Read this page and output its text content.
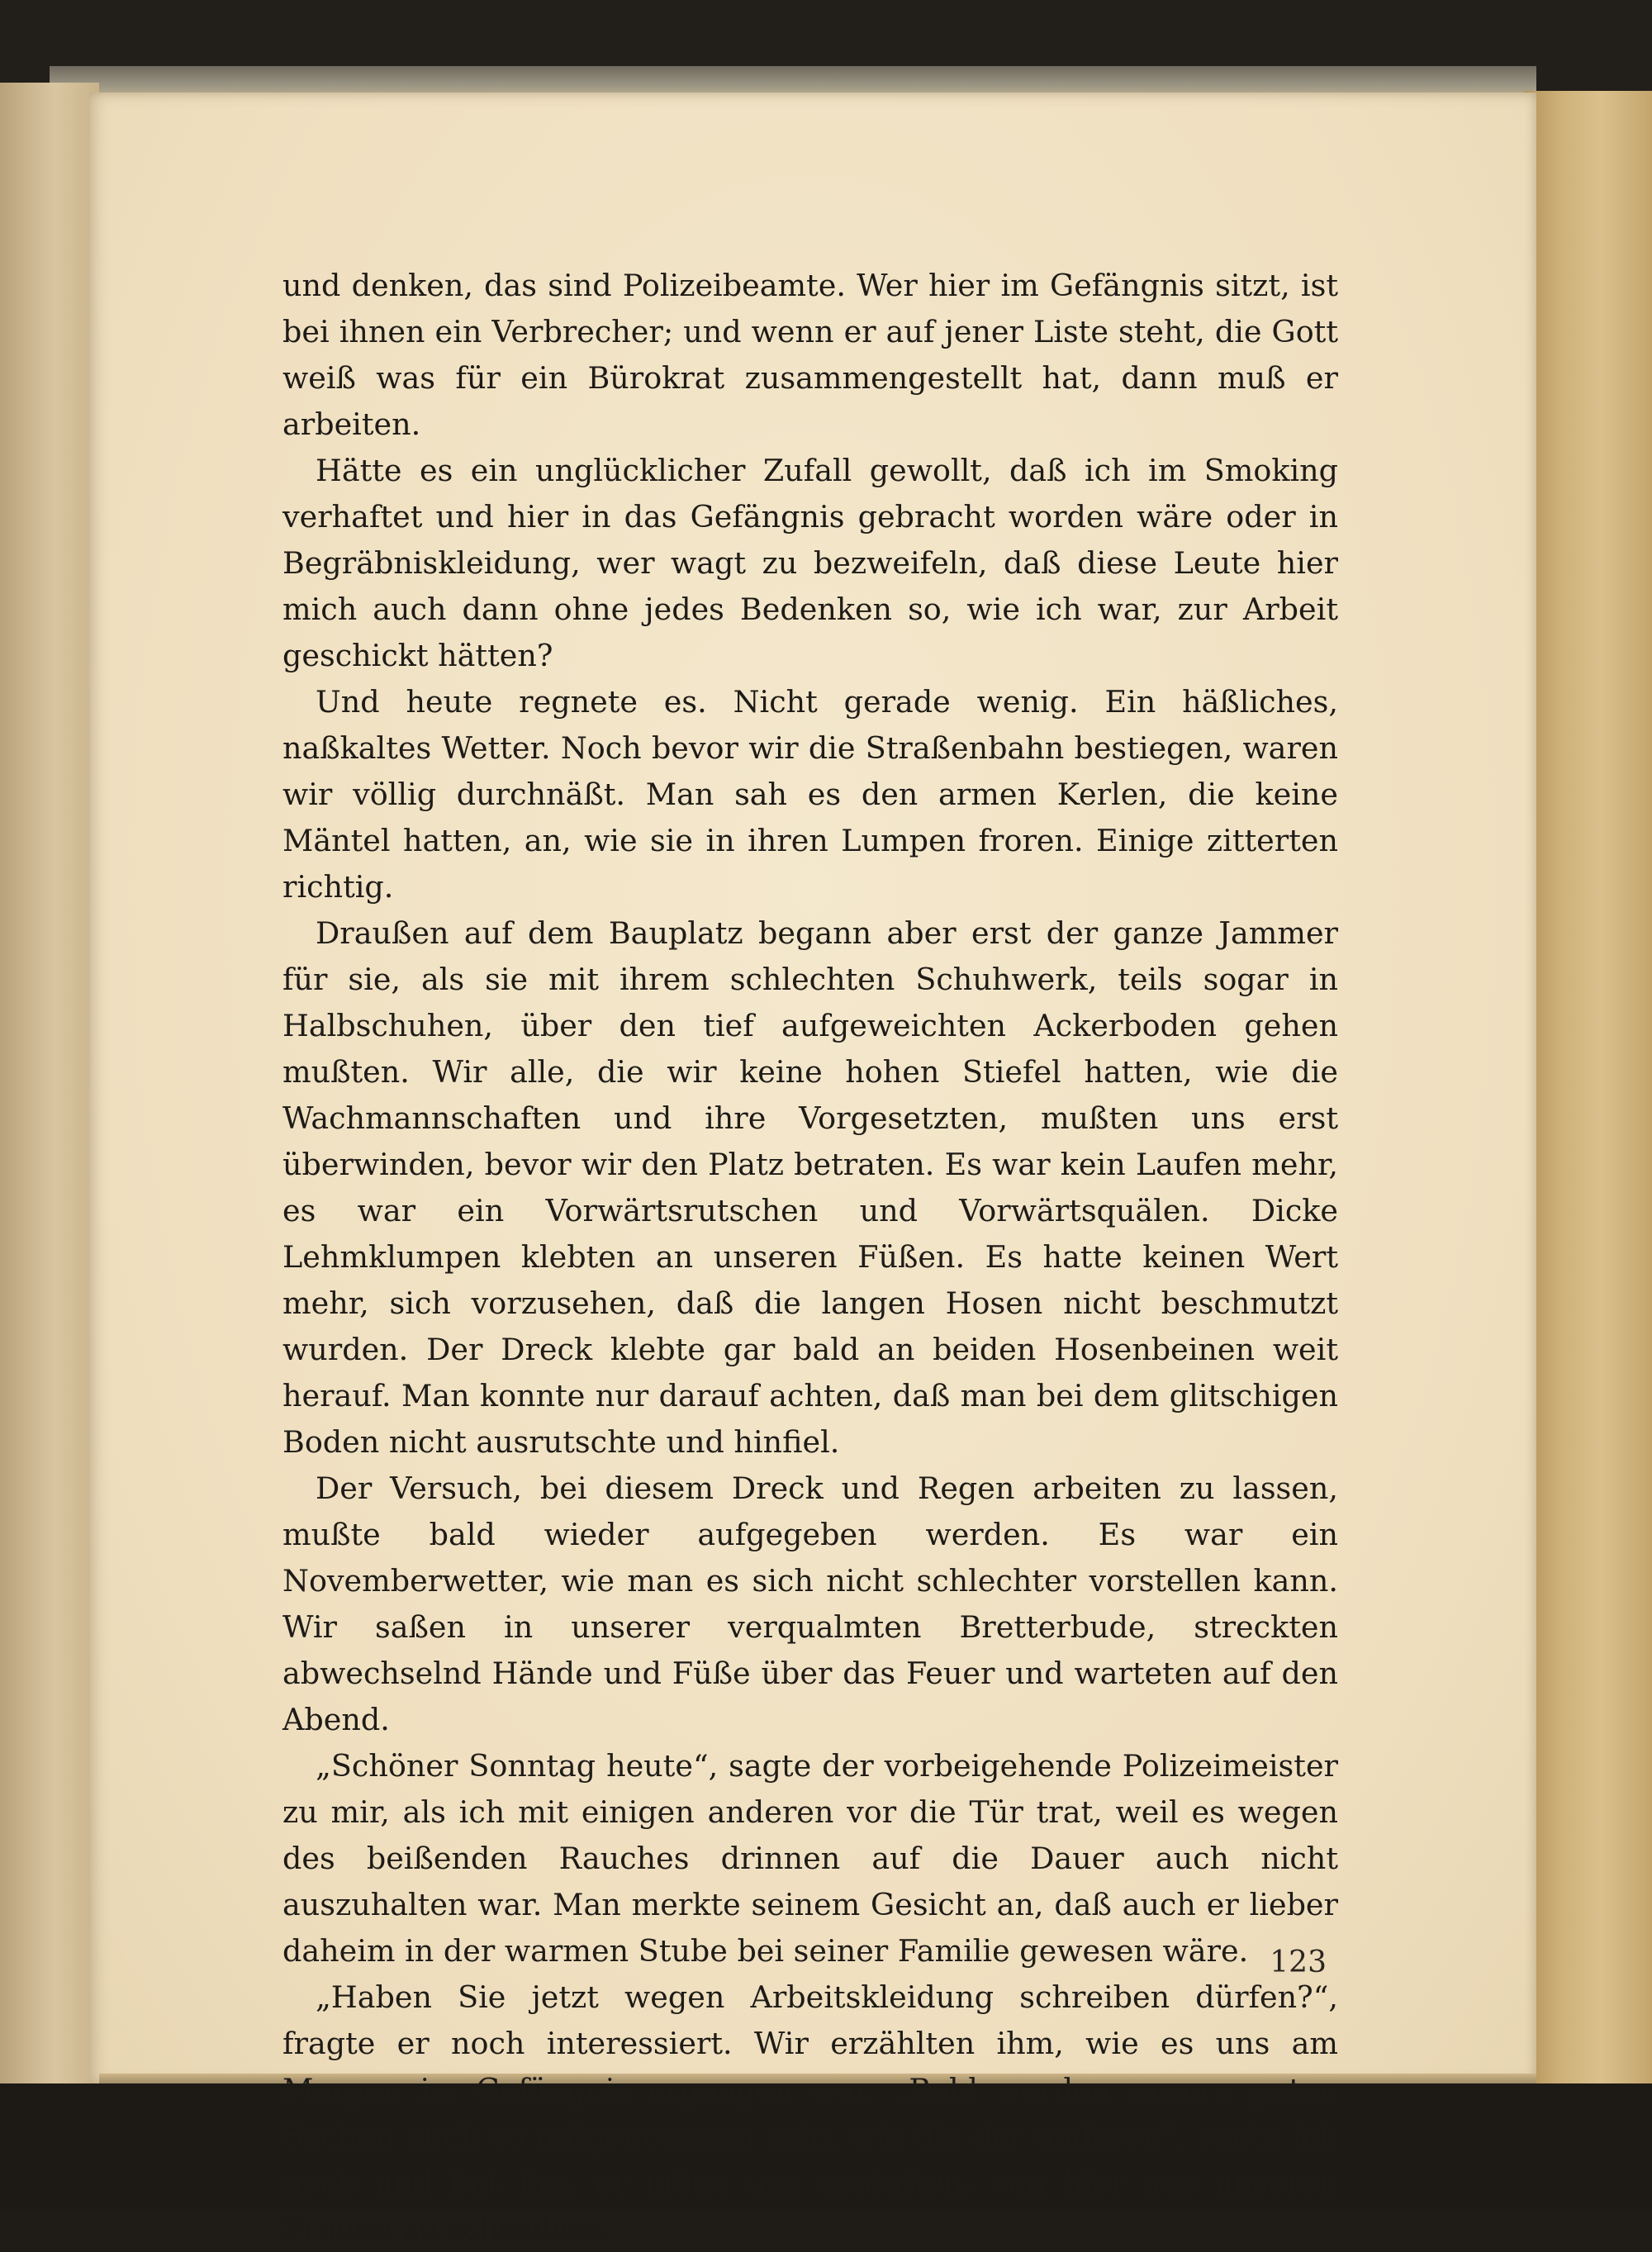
und denken, das sind Polizeibeamte. Wer hier im Gefängnis sitzt, ist bei ihnen ein Verbrecher; und wenn er auf jener Liste steht, die Gott weiß was für ein Bürokrat zusammengestellt hat, dann muß er arbeiten.

Hätte es ein unglücklicher Zufall gewollt, daß ich im Smoking verhaftet und hier in das Gefängnis gebracht worden wäre oder in Begräbniskleidung, wer wagt zu bezweifeln, daß diese Leute hier mich auch dann ohne jedes Bedenken so, wie ich war, zur Arbeit geschickt hätten?

Und heute regnete es. Nicht gerade wenig. Ein häßliches, naßkaltes Wetter. Noch bevor wir die Straßenbahn bestiegen, waren wir völlig durchnäßt. Man sah es den armen Kerlen, die keine Mäntel hatten, an, wie sie in ihren Lumpen froren. Einige zitterten richtig.

Draußen auf dem Bauplatz begann aber erst der ganze Jammer für sie, als sie mit ihrem schlechten Schuhwerk, teils sogar in Halbschuhen, über den tief aufgeweichten Ackerboden gehen mußten. Wir alle, die wir keine hohen Stiefel hatten, wie die Wachmannschaften und ihre Vorgesetzten, mußten uns erst überwinden, bevor wir den Platz betraten. Es war kein Laufen mehr, es war ein Vorwärtsrutschen und Vorwärtsquälen. Dicke Lehmklumpen klebten an unseren Füßen. Es hatte keinen Wert mehr, sich vorzusehen, daß die langen Hosen nicht beschmutzt wurden. Der Dreck klebte gar bald an beiden Hosenbeinen weit herauf. Man konnte nur darauf achten, daß man bei dem glitschigen Boden nicht ausrutschte und hinfiel.

Der Versuch, bei diesem Dreck und Regen arbeiten zu lassen, mußte bald wieder aufgegeben werden. Es war ein Novemberwetter, wie man es sich nicht schlechter vorstellen kann. Wir saßen in unserer verqualmten Bretterbude, streckten abwechselnd Hände und Füße über das Feuer und warteten auf den Abend.

„Schöner Sonntag heute“, sagte der vorbeigehende Polizeimeister zu mir, als ich mit einigen anderen vor die Tür trat, weil es wegen des beißenden Rauches drinnen auf die Dauer auch nicht auszuhalten war. Man merkte seinem Gesicht an, daß auch er lieber daheim in der warmen Stube bei seiner Familie gewesen wäre.

„Haben Sie jetzt wegen Arbeitskleidung schreiben dürfen?“, fragte er noch interessiert. Wir erzählten ihm, wie es uns am Morgen im Gefängnis ergangen war. „Bald werden unsere guten Sachen auch so mitgenommen sein, wie die der anderen“, sagte ich noch und bat ihn, er möge uns gestatten, von hier aus unseren Frauen zu schreiben.

123
